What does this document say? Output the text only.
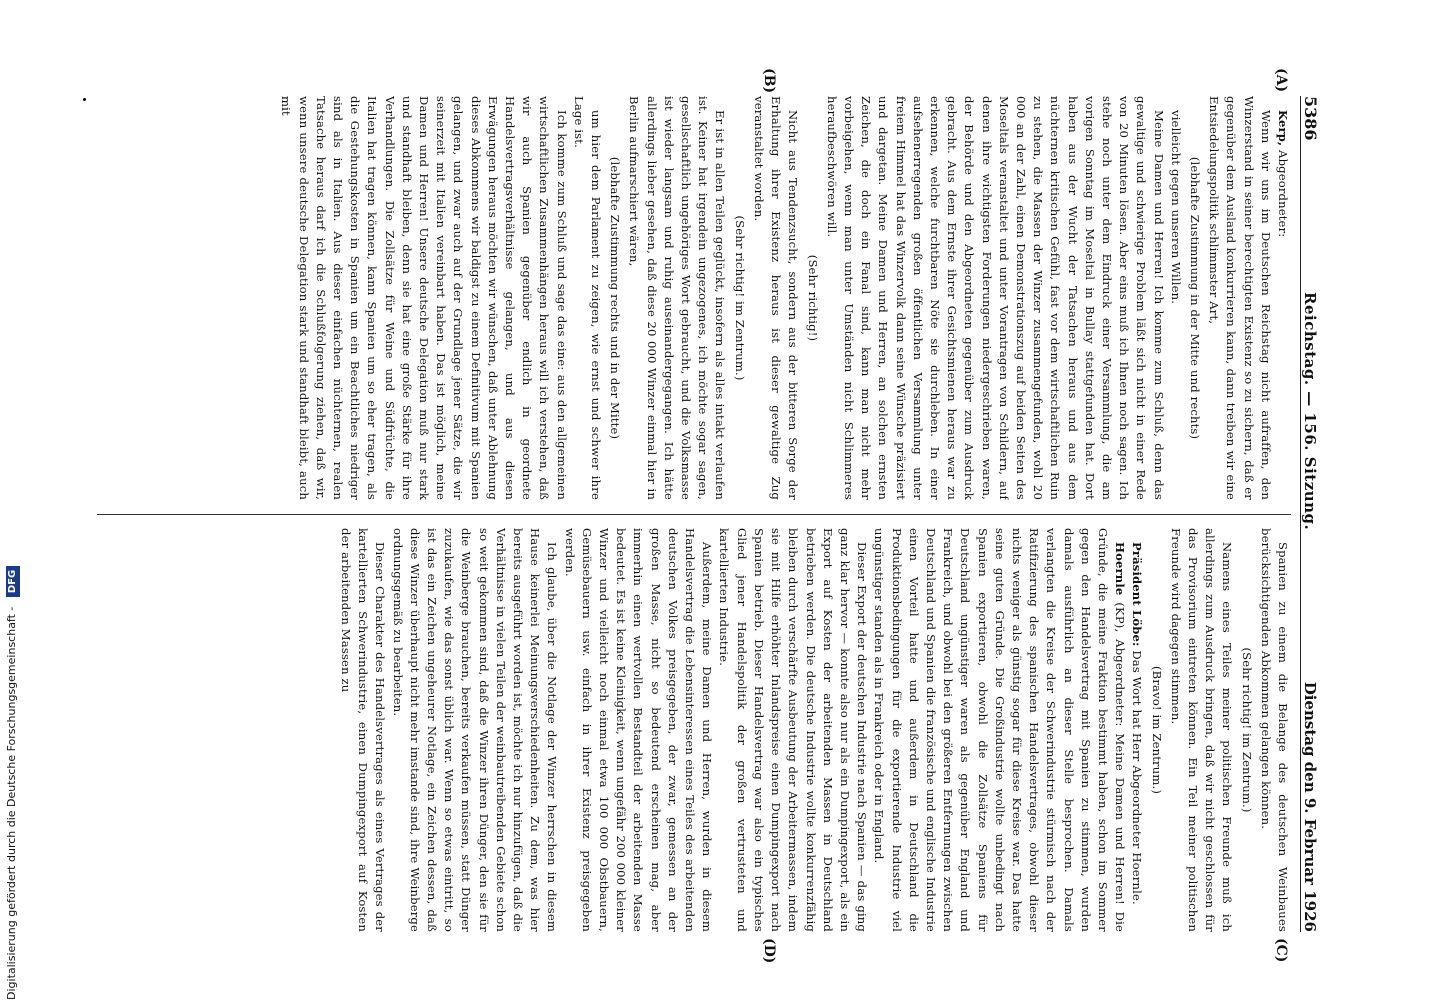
5386
Reichstag. — 156. Sitzung.
Dienstag den 9. Februar 1926
(A)
(B)
(C)
(D)

Kerp, Abgeordneter:

Wenn wir uns im Deutschen Reichstag nicht aufraffen, den Winzerstand in seiner berechtigten Existenz so zu sichern, daß er gegenüber dem Ausland konkurrieren kann, dann treiben wir eine Entsiedelungspolitik schlimmster Art,

(lebhafte Zustimmung in der Mitte und rechts)

vielleicht gegen unseren Willen.

Meine Damen und Herren! Ich komme zum Schluß, denn das gewaltige und schwierige Problem läßt sich nicht in einer Rede von 20 Minuten lösen. Aber eins muß ich Ihnen noch sagen. Ich stehe noch unter dem Eindruck einer Versammlung, die am vorigen Sonntag im Moseltal in Bullay stattgefunden hat. Dort haben aus der Wucht der Tatsachen heraus und aus dem nüchternen kritischen Gefühl, fast vor dem wirtschaftlichen Ruin zu stehen, die Massen der Winzer zusammengefunden, wohl 20 000 an der Zahl, einen Demonstrationszug auf beiden Seiten des Moseltals veranstaltet und unter Vorantragen von Schildern, auf denen ihre wichtigsten Forderungen niedergeschrieben waren, der Behörde und den Abgeordneten gegenüber zum Ausdruck gebracht. Aus dem Ernste ihrer Gesichtsmienen heraus war zu erkennen, welche furchtbaren Nöte sie durchleben. In einer aufsehenerregenden großen öffentlichen Versammlung unter freiem Himmel hat das Winzervolk dann seine Wünsche präzisiert und dargetan. Meine Damen und Herren, an solchen ernsten Zeichen, die doch ein Fanal sind, kann man nicht mehr vorbeigehen, wenn man unter Umständen nicht Schlimmeres heraufbeschwören will.

(Sehr richtig!)

Nicht aus Tendenzsucht, sondern aus der bitteren Sorge der Erhaltung ihrer Existenz heraus ist dieser gewaltige Zug veranstaltet worden.

(Sehr richtig! im Zentrum.)

Er ist in allen Teilen geglückt, insofern als alles intakt verlaufen ist. Keiner hat irgendein ungezogenes, ich möchte sogar sagen, gesellschaftlich ungehöriges Wort gebraucht, und die Volksmasse ist wieder langsam und ruhig auseinandergegangen. Ich hätte allerdings lieber gesehen, daß diese 20 000 Winzer einmal hier in Berlin aufmarschiert wären,

(lebhafte Zustimmung rechts und in der Mitte)

um hier dem Parlament zu zeigen, wie ernst und schwer ihre Lage ist.

Ich komme zum Schluß und sage das eine: aus den allgemeinen wirtschaftlichen Zusammenhängen heraus will ich verstehen, daß wir auch Spanien gegenüber endlich in geordnete Handelsvertragsverhältnisse gelangen, und aus diesen Erwägungen heraus möchten wir wünschen, daß unter Ablehnung dieses Abkommens wir baldigst zu einem Definitivum mit Spanien gelangen, und zwar auch auf der Grundlage jener Sätze, die wir seinerzeit mit Italien vereinbart haben. Das ist möglich, meine Damen und Herren! Unsere deutsche Delegation muß nur stark und standhaft bleiben, denn sie hat eine große Stärke für ihre Verhandlungen. Die Zollsätze für Weine und Südfrüchte, die Italien hat tragen können, kann Spanien um so eher tragen, als die Gestehungskosten in Spanien um ein Beachtliches niedriger sind als in Italien. Aus dieser einfachen nüchternen, realen Tatsache heraus darf ich die Schlußfolgerung ziehen, daß wir, wenn unsere deutsche Delegation stark und standhaft bleibt, auch mit

Spanien zu einem die Belange des deutschen Weinbaues berücksichtigenden Abkommen gelangen können.

(Sehr richtig! im Zentrum.)

Namens eines Teiles meiner politischen Freunde muß ich allerdings zum Ausdruck bringen, daß wir nicht geschlossen für das Provisorium eintreten können. Ein Teil meiner politischen Freunde wird dagegen stimmen.

(Bravo! im Zentrum.)

Präsident Löbe: Das Wort hat Herr Abgeordneter Hoernle.

Hoernle (KP), Abgeordneter: Meine Damen und Herren! Die Gründe, die meine Fraktion bestimmt haben, schon im Sommer gegen den Handelsvertrag mit Spanien zu stimmen, wurden damals ausführlich an dieser Stelle besprochen. Damals verlangten die Kreise der Schwerindustrie stürmisch nach der Ratifizierung des spanischen Handelsvertrages, obwohl dieser nichts weniger als günstig sogar für diese Kreise war. Das hatte seine guten Gründe. Die Großindustrie wollte unbedingt nach Spanien exportieren, obwohl die Zollsätze Spaniens für Deutschland ungünstiger waren als gegenüber England und Frankreich, und obwohl bei den größeren Entfernungen zwischen Deutschland und Spanien die französische und englische Industrie einen Vorteil hatte und außerdem in Deutschland die Produktionsbedingungen für die exportierende Industrie viel ungünstiger standen als in Frankreich oder in England.

Dieser Export der deutschen Industrie nach Spanien — das ging ganz klar hervor — konnte also nur als ein Dumpingexport, als ein Export auf Kosten der arbeitenden Massen in Deutschland betrieben werden. Die deutsche Industrie wollte konkurrenzfähig bleiben durch verschärfte Ausbeutung der Arbeitermassen, indem sie mit Hilfe erhöhter Inlandspreise einen Dumpingexport nach Spanien betrieb. Dieser Handelsvertrag war also ein typisches Glied jener Handelspolitik der großen vertrusteten und kartellierten Industrie.

Außerdem, meine Damen und Herren, wurden in diesem Handelsvertrag die Lebensinteressen eines Teiles des arbeitenden deutschen Volkes preisgegeben, der zwar, gemessen an der großen Masse, nicht so bedeutend erscheinen mag, aber immerhin einen wertvollen Bestandteil der arbeitenden Masse bedeutet. Es ist keine Kleinigkeit, wenn ungefähr 200 000 kleiner Winzer und vielleicht noch einmal etwa 100 000 Obstbauern, Gemüsebauern usw. einfach in ihrer Existenz preisgegeben werden.

Ich glaube, über die Notlage der Winzer herrschen in diesem Hause keinerlei Meinungsverschiedenheiten. Zu dem, was hier bereits ausgeführt worden ist, möchte ich nur hinzufügen, daß die Verhältnisse in vielen Teilen der weinbautreibenden Gebiete schon so weit gekommen sind, daß die Winzer ihren Dünger, den sie für die Weinberge brauchen, bereits verkaufen müssen, statt Dünger zuzukaufen, wie das sonst üblich war. Wenn so etwas eintritt, so ist das ein Zeichen ungeheurer Notlage, ein Zeichen dessen, daß diese Winzer überhaupt nicht mehr imstande sind, ihre Weinberge ordnungsgemäß zu bearbeiten.

Dieser Charakter des Handelsvertrages als eines Vertrages der kartellierten Schwerindustrie, einen Dumpingexport auf Kosten der arbeitenden Massen zu

Digitalisierung gefördert durch die Deutsche Forschungsgemeinschaft - DFG
